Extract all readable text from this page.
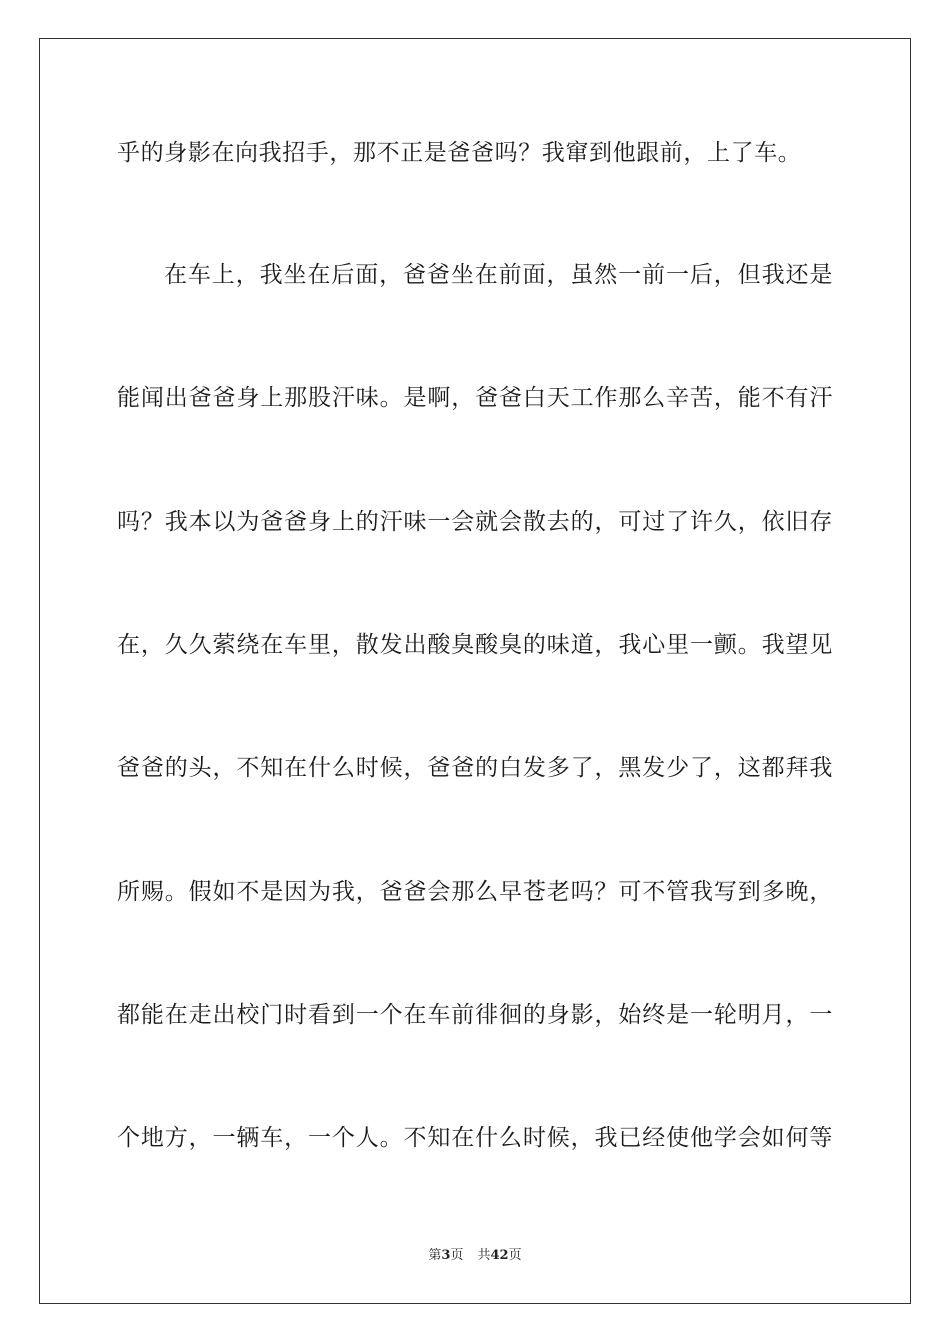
乎的身影在向我招手，那不正是爸爸吗？我窜到他跟前，上了车。
在车上，我坐在后面，爸爸坐在前面，虽然一前一后，但我还是
能闻出爸爸身上那股汗味。是啊，爸爸白天工作那么辛苦，能不有汗
吗？我本以为爸爸身上的汗味一会就会散去的，可过了许久，依旧存
在，久久萦绕在车里，散发出酸臭酸臭的味道，我心里一颤。我望见
爸爸的头，不知在什么时候，爸爸的白发多了，黑发少了，这都拜我
所赐。假如不是因为我，爸爸会那么早苍老吗？可不管我写到多晚，
都能在走出校门时看到一个在车前徘徊的身影，始终是一轮明月，一
个地方，一辆车，一个人。不知在什么时候，我已经使他学会如何等
第3页 共42页
